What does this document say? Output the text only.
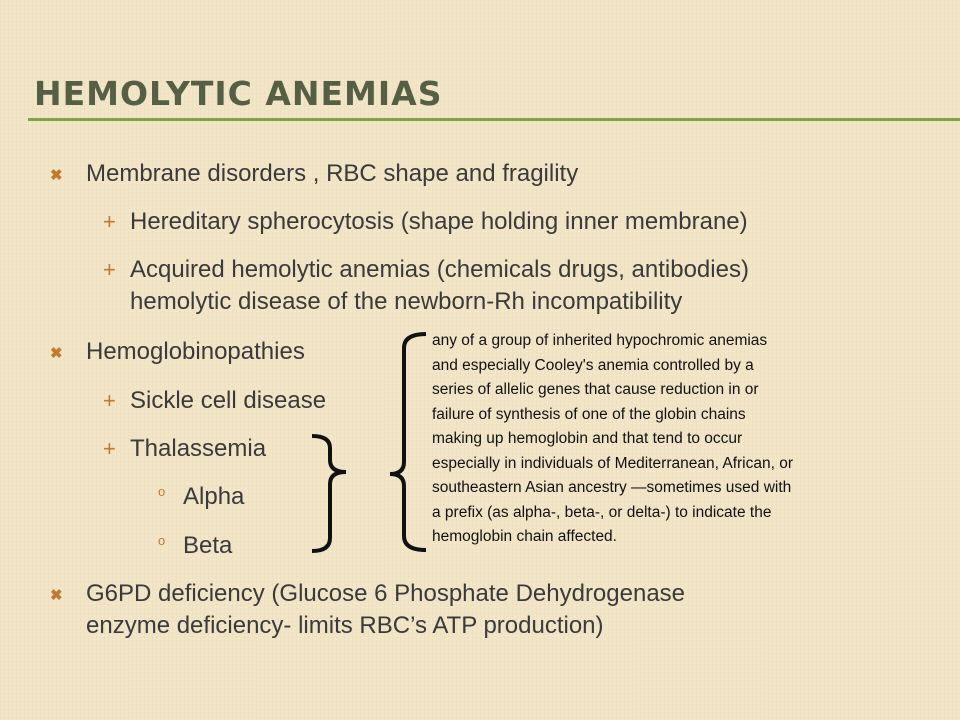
HEMOLYTIC ANEMIAS
✖ Membrane disorders , RBC shape and fragility
+ Hereditary spherocytosis (shape holding inner membrane)
+ Acquired hemolytic anemias (chemicals drugs, antibodies)
hemolytic disease of the newborn-Rh incompatibility
✖ Hemoglobinopathies
+ Sickle cell disease
+ Thalassemia
o Alpha
o Beta
✖ G6PD deficiency (Glucose 6 Phosphate Dehydrogenase
enzyme deficiency- limits RBC’s ATP production)
any of a group of inherited hypochromic anemias
and especially Cooley's anemia controlled by a
series of allelic genes that cause reduction in or
failure of synthesis of one of the globin chains
making up hemoglobin and that tend to occur
especially in individuals of Mediterranean, African, or
southeastern Asian ancestry —sometimes used with
a prefix (as alpha-, beta-, or delta-) to indicate the
hemoglobin chain affected.
